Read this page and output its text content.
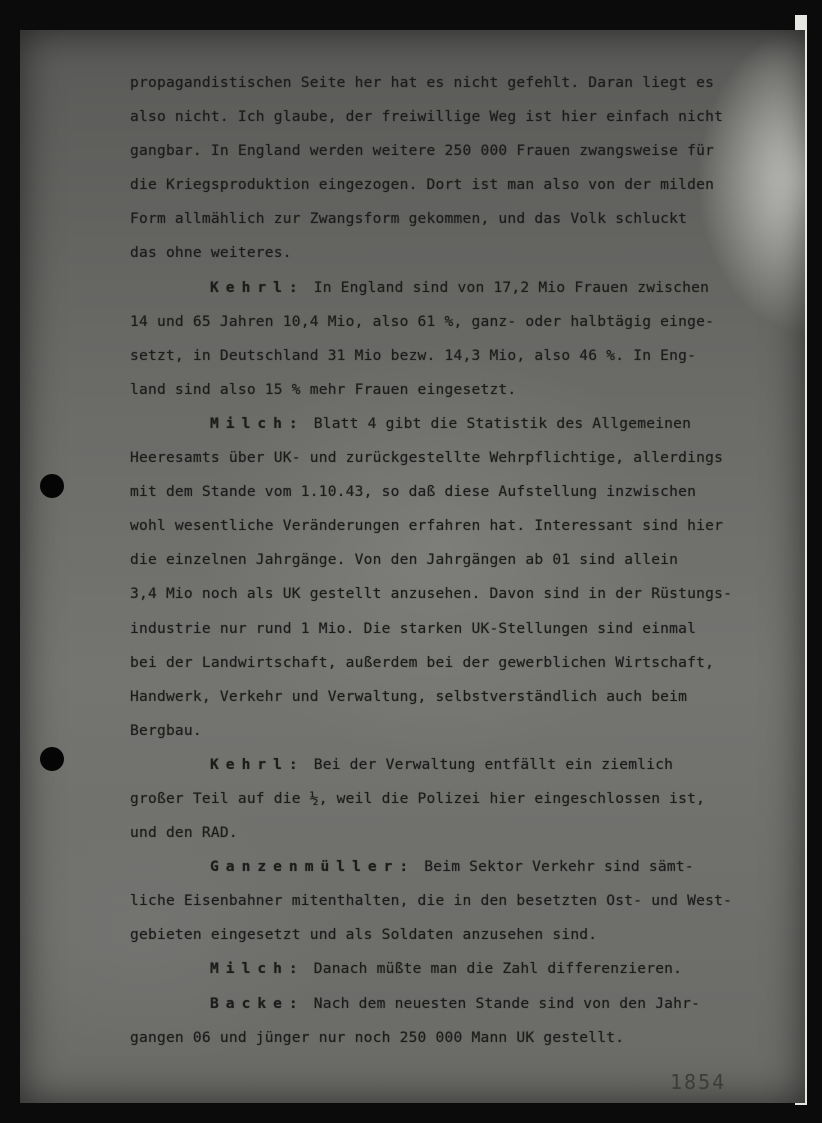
propagandistischen Seite her hat es nicht gefehlt. Daran liegt es
also nicht. Ich glaube, der freiwillige Weg ist hier einfach nicht
gangbar. In England werden weitere 250 000 Frauen zwangsweise für
die Kriegsproduktion eingezogen. Dort ist man also von der milden
Form allmählich zur Zwangsform gekommen, und das Volk schluckt
das ohne weiteres.
Kehrl: In England sind von 17,2 Mio Frauen zwischen
14 und 65 Jahren 10,4 Mio, also 61 %, ganz- oder halbtägig einge-
setzt, in Deutschland 31 Mio bezw. 14,3 Mio, also 46 %. In Eng-
land sind also 15 % mehr Frauen eingesetzt.
Milch: Blatt 4 gibt die Statistik des Allgemeinen
Heeresamts über UK- und zurückgestellte Wehrpflichtige, allerdings
mit dem Stande vom 1.10.43, so daß diese Aufstellung inzwischen
wohl wesentliche Veränderungen erfahren hat. Interessant sind hier
die einzelnen Jahrgänge. Von den Jahrgängen ab 01 sind allein
3,4 Mio noch als UK gestellt anzusehen. Davon sind in der Rüstungs-
industrie nur rund 1 Mio. Die starken UK-Stellungen sind einmal
bei der Landwirtschaft, außerdem bei der gewerblichen Wirtschaft,
Handwerk, Verkehr und Verwaltung, selbstverständlich auch beim
Bergbau.
Kehrl: Bei der Verwaltung entfällt ein ziemlich
großer Teil auf die ½, weil die Polizei hier eingeschlossen ist,
und den RAD.
Ganzenmüller: Beim Sektor Verkehr sind sämt-
liche Eisenbahner mitenthalten, die in den besetzten Ost- und West-
gebieten eingesetzt und als Soldaten anzusehen sind.
Milch: Danach müßte man die Zahl differenzieren.
Backe: Nach dem neuesten Stande sind von den Jahr-
gangen 06 und jünger nur noch 250 000 Mann UK gestellt.
1854
